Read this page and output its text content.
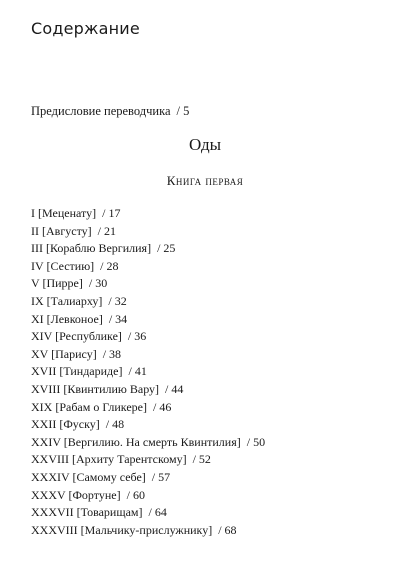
Содержание
Предисловие переводчика / 5
Оды
Книга первая
I [Меценату] / 17
II [Августу] / 21
III [Кораблю Вергилия] / 25
IV [Сестию] / 28
V [Пирре] / 30
IX [Талиарху] / 32
XI [Левконое] / 34
XIV [Республике] / 36
XV [Парису] / 38
XVII [Тиндариде] / 41
XVIII [Квинтилию Вару] / 44
XIX [Рабам о Гликере] / 46
XXII [Фуску] / 48
XXIV [Вергилию. На смерть Квинтилия] / 50
XXVIII [Архиту Тарентскому] / 52
XXXIV [Самому себе] / 57
XXXV [Фортуне] / 60
XXXVII [Товарищам] / 64
XXXVIII [Мальчику-прислужнику] / 68
